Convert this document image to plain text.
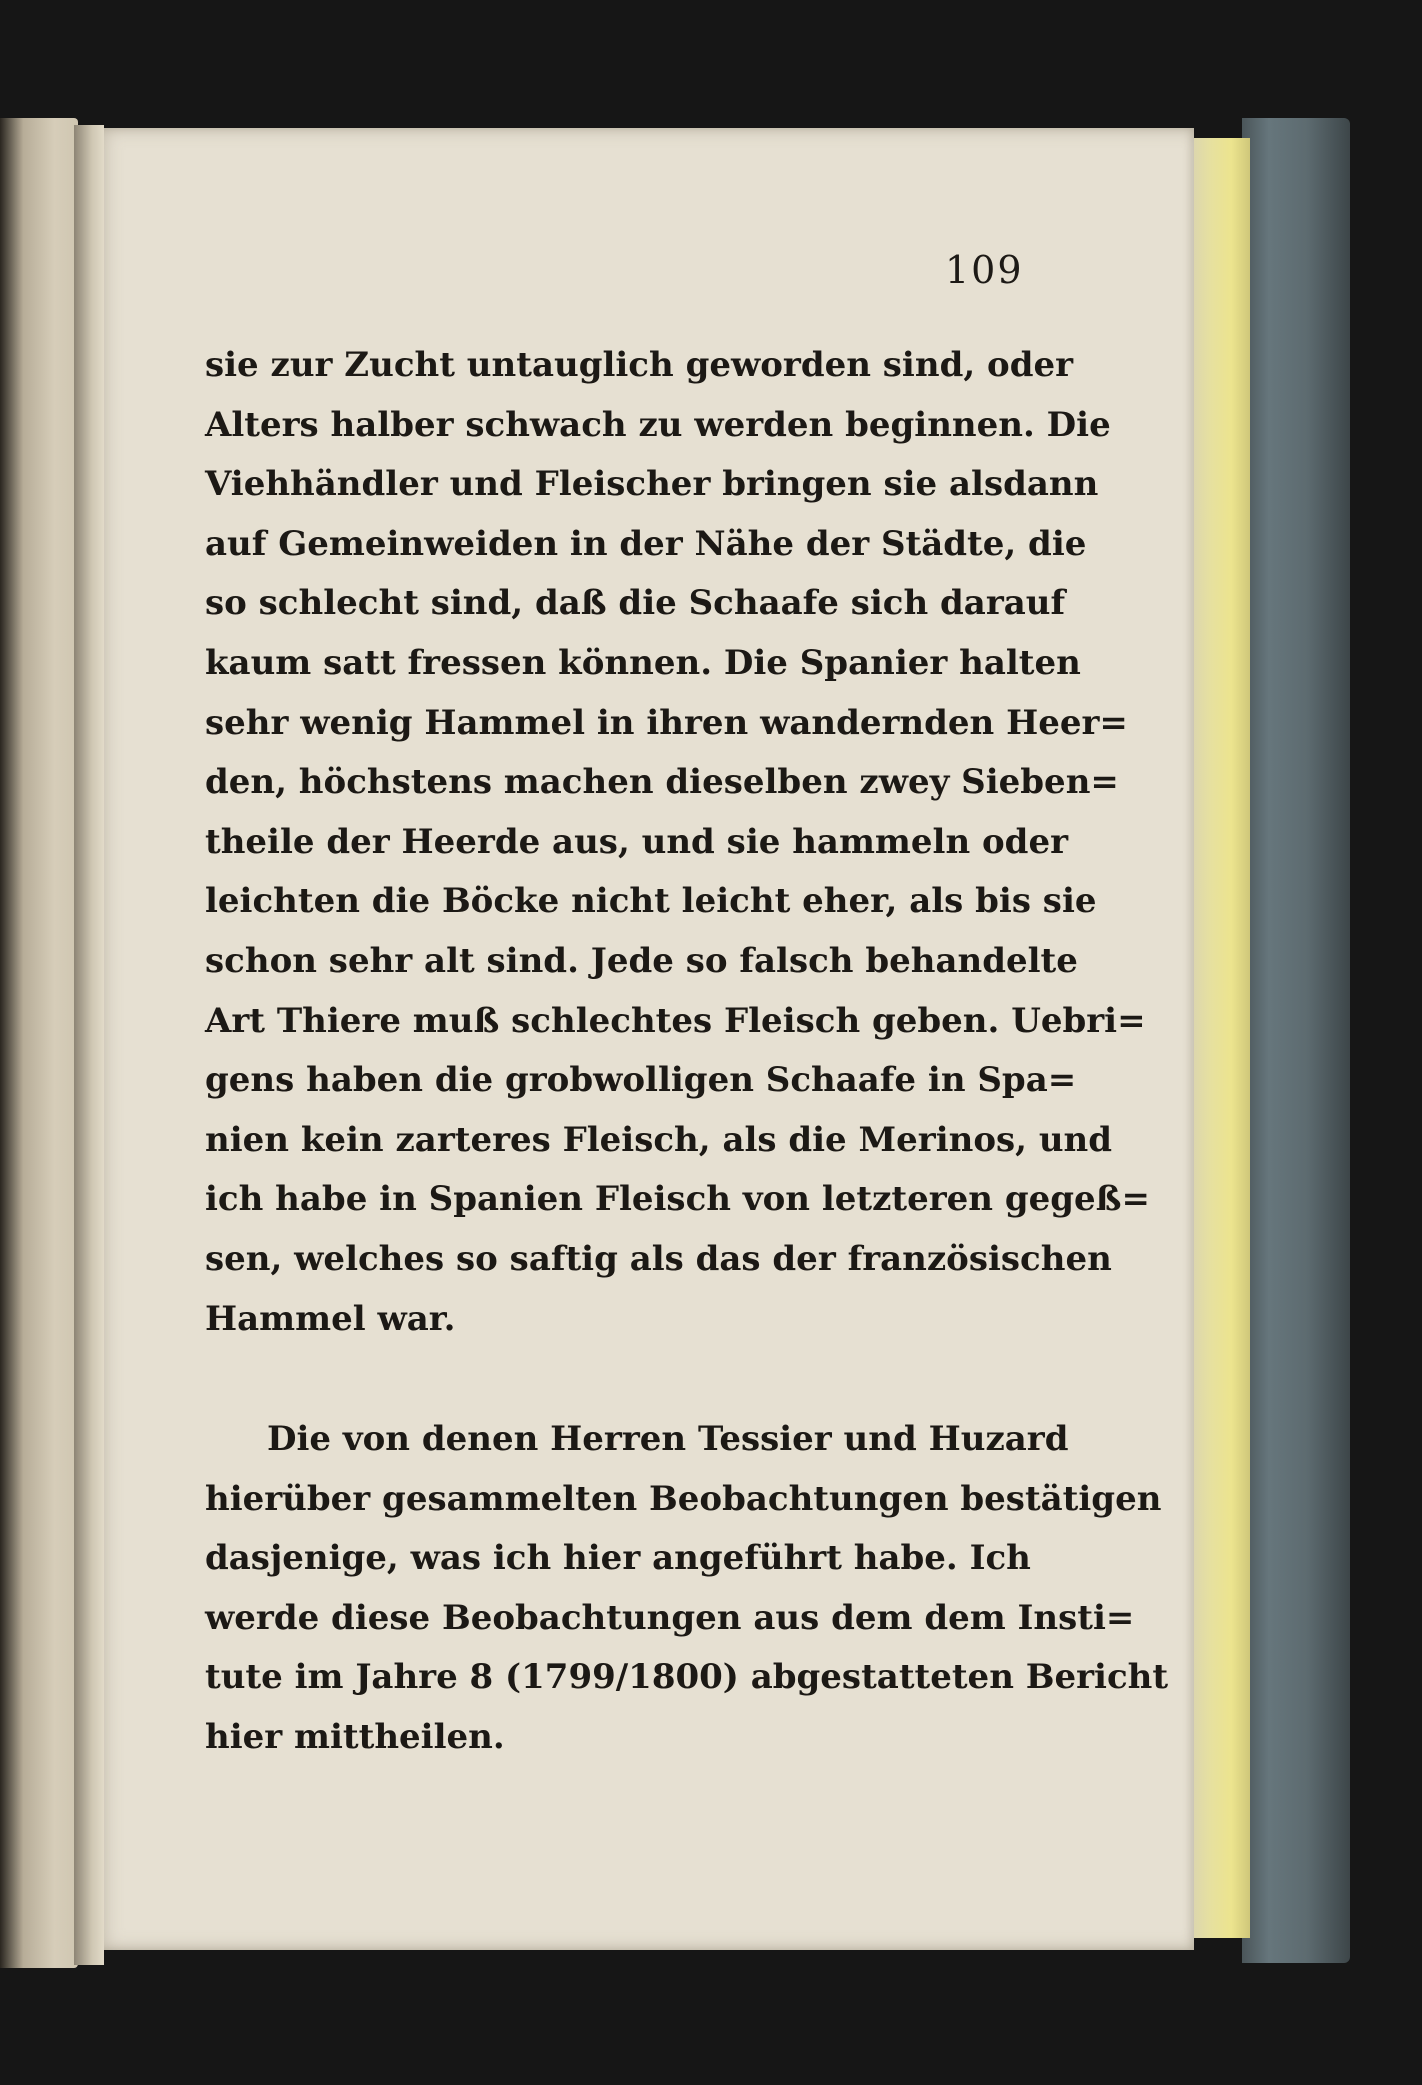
109
sie zur Zucht untauglich geworden sind, oder
Alters halber schwach zu werden beginnen. Die
Viehhändler und Fleischer bringen sie alsdann
auf Gemeinweiden in der Nähe der Städte, die
so schlecht sind, daß die Schaafe sich darauf
kaum satt fressen können. Die Spanier halten
sehr wenig Hammel in ihren wandernden Heer=
den, höchstens machen dieselben zwey Sieben=
theile der Heerde aus, und sie hammeln oder
leichten die Böcke nicht leicht eher, als bis sie
schon sehr alt sind. Jede so falsch behandelte
Art Thiere muß schlechtes Fleisch geben. Uebri=
gens haben die grobwolligen Schaafe in Spa=
nien kein zarteres Fleisch, als die Merinos, und
ich habe in Spanien Fleisch von letzteren gegeß=
sen, welches so saftig als das der französischen
Hammel war.
Die von denen Herren Tessier und Huzard
hierüber gesammelten Beobachtungen bestätigen
dasjenige, was ich hier angeführt habe. Ich
werde diese Beobachtungen aus dem dem Insti=
tute im Jahre 8 (1799/1800) abgestatteten Bericht
hier mittheilen.
